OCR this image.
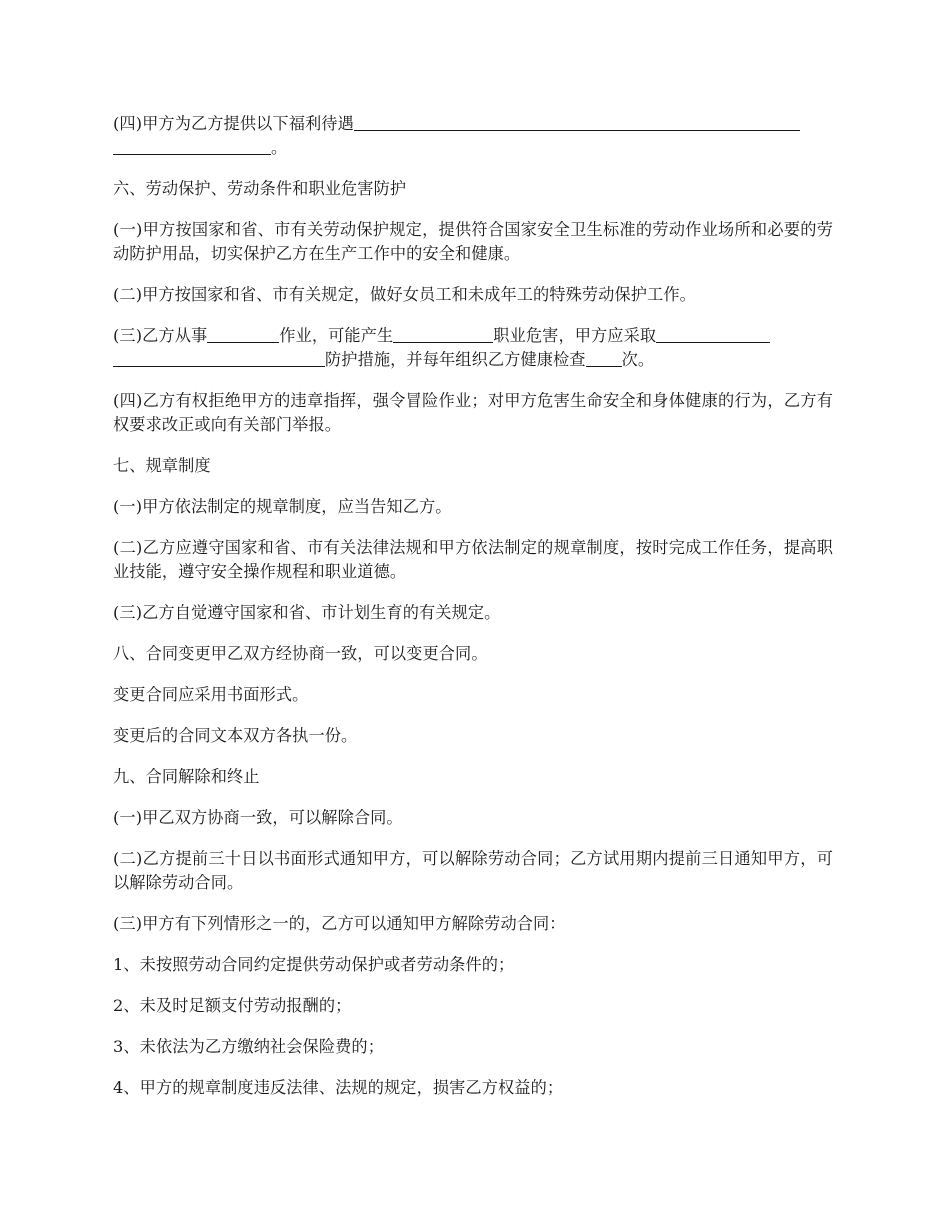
(四)甲方为乙方提供以下福利待遇
。

六、劳动保护、劳动条件和职业危害防护

(一)甲方按国家和省、市有关劳动保护规定，提供符合国家安全卫生标准的劳动作业场所和必要的劳动防护用品，切实保护乙方在生产工作中的安全和健康。

(二)甲方按国家和省、市有关规定，做好女员工和未成年工的特殊劳动保护工作。

(三)乙方从事	作业，可能产生	职业危害，甲方应采取
防护措施，并每年组织乙方健康检查 次。

(四)乙方有权拒绝甲方的违章指挥，强令冒险作业；对甲方危害生命安全和身体健康的行为，乙方有权要求改正或向有关部门举报。

七、规章制度

(一)甲方依法制定的规章制度，应当告知乙方。

(二)乙方应遵守国家和省、市有关法律法规和甲方依法制定的规章制度，按时完成工作任务，提高职业技能，遵守安全操作规程和职业道德。

(三)乙方自觉遵守国家和省、市计划生育的有关规定。

八、合同变更甲乙双方经协商一致，可以变更合同。

变更合同应采用书面形式。

变更后的合同文本双方各执一份。

九、合同解除和终止

(一)甲乙双方协商一致，可以解除合同。

(二)乙方提前三十日以书面形式通知甲方，可以解除劳动合同；乙方试用期内提前三日通知甲方，可以解除劳动合同。

(三)甲方有下列情形之一的，乙方可以通知甲方解除劳动合同：

1、未按照劳动合同约定提供劳动保护或者劳动条件的；

2、未及时足额支付劳动报酬的；

3、未依法为乙方缴纳社会保险费的；

4、甲方的规章制度违反法律、法规的规定，损害乙方权益的；
